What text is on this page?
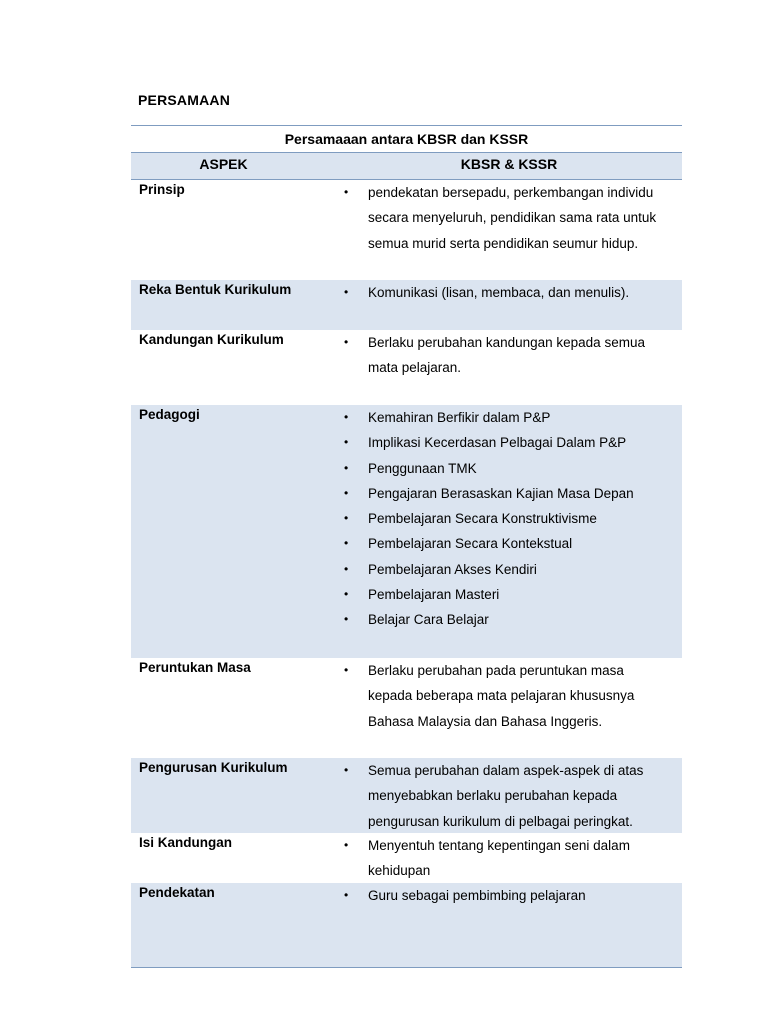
PERSAMAAN
Persamaaan antara KBSR dan KSSR
ASPEK	KBSR & KSSR
Prinsip	• pendekatan bersepadu, perkembangan individu secara menyeluruh, pendidikan sama rata untuk semua murid serta pendidikan seumur hidup.
Reka Bentuk Kurikulum	• Komunikasi (lisan, membaca, dan menulis).
Kandungan Kurikulum	• Berlaku perubahan kandungan kepada semua mata pelajaran.
Pedagogi	• Kemahiran Berfikir dalam P&P
• Implikasi Kecerdasan Pelbagai Dalam P&P
• Penggunaan TMK
• Pengajaran Berasaskan Kajian Masa Depan
• Pembelajaran Secara Konstruktivisme
• Pembelajaran Secara Kontekstual
• Pembelajaran Akses Kendiri
• Pembelajaran Masteri
• Belajar Cara Belajar
Peruntukan Masa	• Berlaku perubahan pada peruntukan masa kepada beberapa mata pelajaran khususnya Bahasa Malaysia dan Bahasa Inggeris.
Pengurusan Kurikulum	• Semua perubahan dalam aspek-aspek di atas menyebabkan berlaku perubahan kepada pengurusan kurikulum di pelbagai peringkat.
Isi Kandungan	• Menyentuh tentang kepentingan seni dalam kehidupan
Pendekatan	• Guru sebagai pembimbing pelajaran
